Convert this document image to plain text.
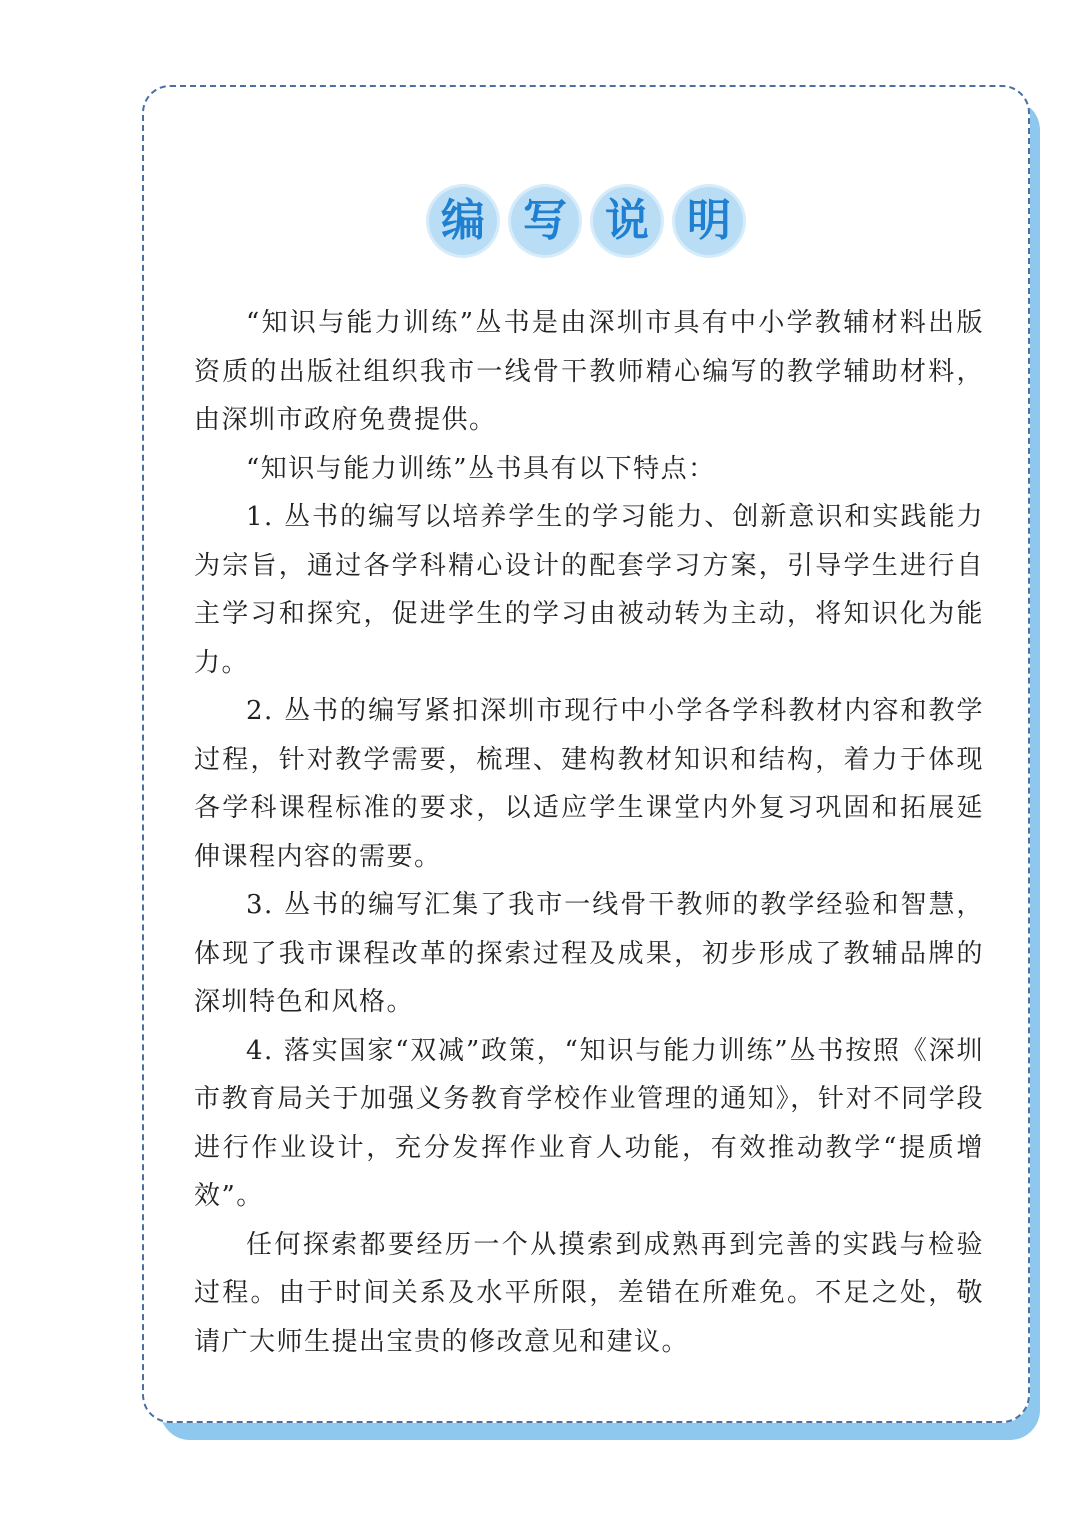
编 写 说 明

“知识与能力训练”丛书是由深圳市具有中小学教辅材料出版资质的出版社组织我市一线骨干教师精心编写的教学辅助材料，由深圳市政府免费提供。

“知识与能力训练”丛书具有以下特点：

1. 丛书的编写以培养学生的学习能力、创新意识和实践能力为宗旨，通过各学科精心设计的配套学习方案，引导学生进行自主学习和探究，促进学生的学习由被动转为主动，将知识化为能力。

2. 丛书的编写紧扣深圳市现行中小学各学科教材内容和教学过程，针对教学需要，梳理、建构教材知识和结构，着力于体现各学科课程标准的要求，以适应学生课堂内外复习巩固和拓展延伸课程内容的需要。

3. 丛书的编写汇集了我市一线骨干教师的教学经验和智慧，体现了我市课程改革的探索过程及成果，初步形成了教辅品牌的深圳特色和风格。

4. 落实国家“双减”政策，“知识与能力训练”丛书按照《深圳市教育局关于加强义务教育学校作业管理的通知》，针对不同学段进行作业设计，充分发挥作业育人功能，有效推动教学“提质增效”。

任何探索都要经历一个从摸索到成熟再到完善的实践与检验过程。由于时间关系及水平所限，差错在所难免。不足之处，敬请广大师生提出宝贵的修改意见和建议。
